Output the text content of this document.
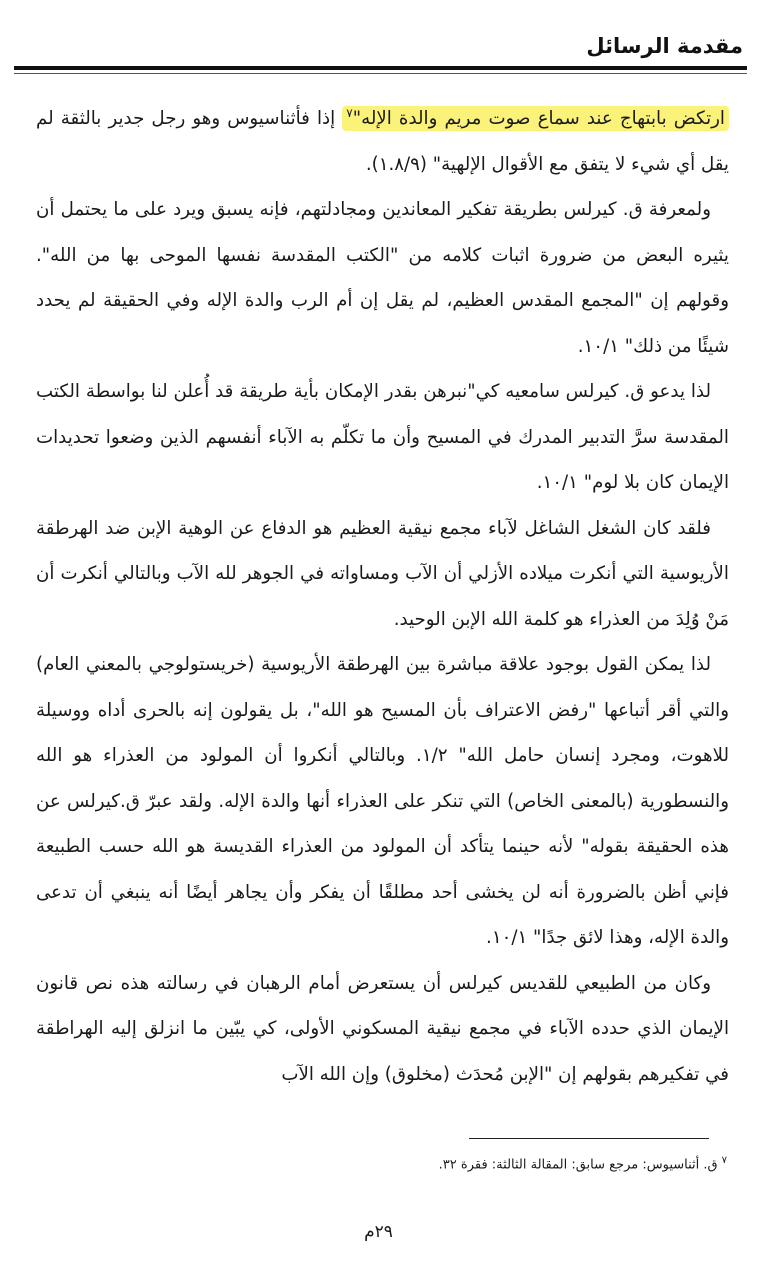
مقدمة الرسائل

ارتكض بابتهاج عند سماع صوت مريم والدة الإله"$^٧$ إذا فأثناسيوس وهو رجل جدير بالثقة لم يقل أي شيء لا يتفق مع الأقوال الإلهية" (١.٨/٩).

ولمعرفة ق. كيرلس بطريقة تفكير المعاندين ومجادلتهم، فإنه يسبق ويرد على ما يحتمل أن يثيره البعض من ضرورة اثبات كلامه من "الكتب المقدسة نفسها الموحى بها من الله". وقولهم إن "المجمع المقدس العظيم، لم يقل إن أم الرب والدة الإله وفي الحقيقة لم يحدد شيئًا من ذلك" ١٠/١.

لذا يدعو ق. كيرلس سامعيه كي"نبرهن بقدر الإمكان بأية طريقة قد أُعلن لنا بواسطة الكتب المقدسة سرَّ التدبير المدرك في المسيح وأن ما تكلّم به الآباء أنفسهم الذين وضعوا تحديدات الإيمان كان بلا لوم" ١٠/١.

فلقد كان الشغل الشاغل لآباء مجمع نيقية العظيم هو الدفاع عن الوهية الإبن ضد الهرطقة الأريوسية التي أنكرت ميلاده الأزلي أن الآب ومساواته في الجوهر لله الآب وبالتالي أنكرت أن مَنْ وُلِدَ من العذراء هو كلمة الله الإبن الوحيد.

لذا يمكن القول بوجود علاقة مباشرة بين الهرطقة الأريوسية (خريستولوجي بالمعني العام) والتي أقر أتباعها "رفض الاعتراف بأن المسيح هو الله"، بل يقولون إنه بالحرى أداه ووسيلة للاهوت، ومجرد إنسان حامل الله" ١/٢. وبالتالي أنكروا أن المولود من العذراء هو الله والنسطورية (بالمعنى الخاص) التي تنكر على العذراء أنها والدة الإله. ولقد عبرّ ق.كيرلس عن هذه الحقيقة بقوله" لأنه حينما يتأكد أن المولود من العذراء القديسة هو الله حسب الطبيعة فإني أظن بالضرورة أنه لن يخشى أحد مطلقًا أن يفكر وأن يجاهر أيضًا أنه ينبغي أن تدعى والدة الإله، وهذا لائق جدًا" ١٠/١.

وكان من الطبيعي للقديس كيرلس أن يستعرض أمام الرهبان في رسالته هذه نص قانون الإيمان الذي حدده الآباء في مجمع نيقية المسكوني الأولى، كي يبّين ما انزلق إليه الهراطقة في تفكيرهم بقولهم إن "الإبن مُحدَث (مخلوق) وإن الله الآب

$^٧$ق. أثناسيوس: مرجع سابق: المقالة الثالثة: فقرة ٣٢.
٢٩م
